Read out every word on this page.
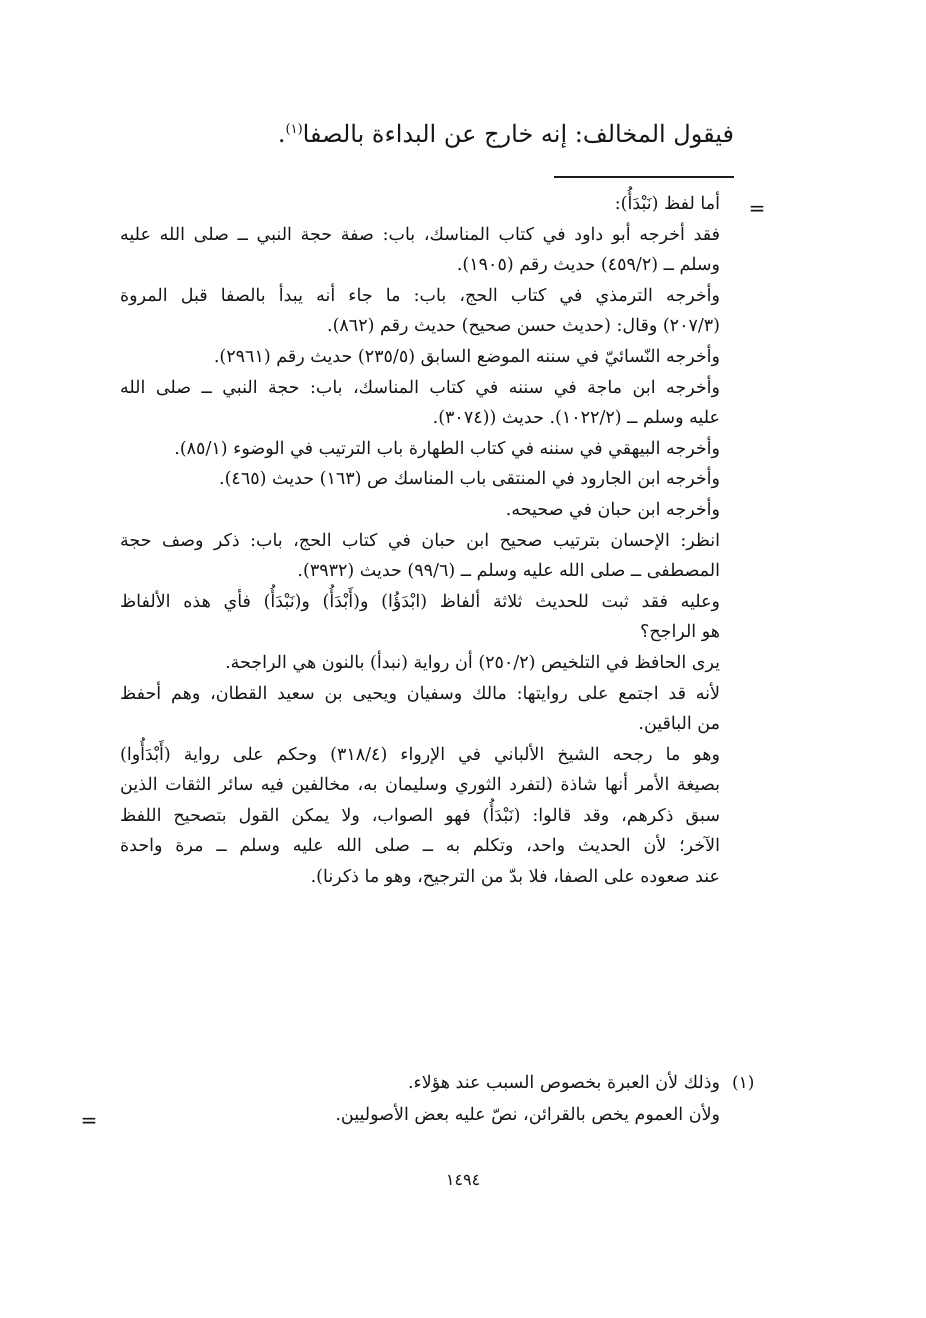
فيقول المخالف: إنه خارج عن البداءة بالصفا$^{(١)}$.
=
أما لفظ (نَبْدَأُ):
فقد أخرجه أبو داود في كتاب المناسك، باب: صفة حجة النبي ــ صلى الله عليه
وسلم ــ (٤٥٩/٢) حديث رقم (١٩٠٥).
وأخرجه الترمذي في كتاب الحج، باب: ما جاء أنه يبدأ بالصفا قبل المروة
(٢٠٧/٣) وقال: (حديث حسن صحيح) حديث رقم (٨٦٢).
وأخرجه النّسائيّ في سننه الموضع السابق (٢٣٥/٥) حديث رقم (٢٩٦١).
وأخرجه ابن ماجة في سننه في كتاب المناسك، باب: حجة النبي ــ صلى الله
عليه وسلم ــ (١٠٢٢/٢). حديث ((٣٠٧٤).
وأخرجه البيهقي في سننه في كتاب الطهارة باب الترتيب في الوضوء (٨٥/١).
وأخرجه ابن الجارود في المنتقى باب المناسك ص (١٦٣) حديث (٤٦٥).
وأخرجه ابن حبان في صحيحه.
انظر: الإحسان بترتيب صحيح ابن حبان في كتاب الحج، باب: ذكر وصف حجة
المصطفى ــ صلى الله عليه وسلم ــ (٩٩/٦) حديث (٣٩٣٢).
وعليه فقد ثبت للحديث ثلاثة ألفاظ (ابْدَؤُا) و(أَبْدَأُ) و(نَبْدَأُ) فأي هذه الألفاظ
هو الراجح؟
يرى الحافظ في التلخيص (٢٥٠/٢) أن رواية (نبدأ) بالنون هي الراجحة.
لأنه قد اجتمع على روايتها: مالك وسفيان ويحيى بن سعيد القطان، وهم أحفظ
من الباقين.
وهو ما رجحه الشيخ الألباني في الإرواء (٣١٨/٤) وحكم على رواية (أَبْدَأُوا)
بصيغة الأمر أنها شاذة (لتفرد الثوري وسليمان به، مخالفين فيه سائر الثقات الذين
سبق ذكرهم، وقد قالوا: (نَبْدَأُ) فهو الصواب، ولا يمكن القول بتصحيح اللفظ
الآخر؛ لأن الحديث واحد، وتكلم به ــ صلى الله عليه وسلم ــ مرة واحدة
عند صعوده على الصفا، فلا بدّ من الترجيح، وهو ما ذكرنا).
(١)
وذلك لأن العبرة بخصوص السبب عند هؤلاء.
ولأن العموم يخص بالقرائن، نصّ عليه بعض الأصوليين.
=
١٤٩٤
